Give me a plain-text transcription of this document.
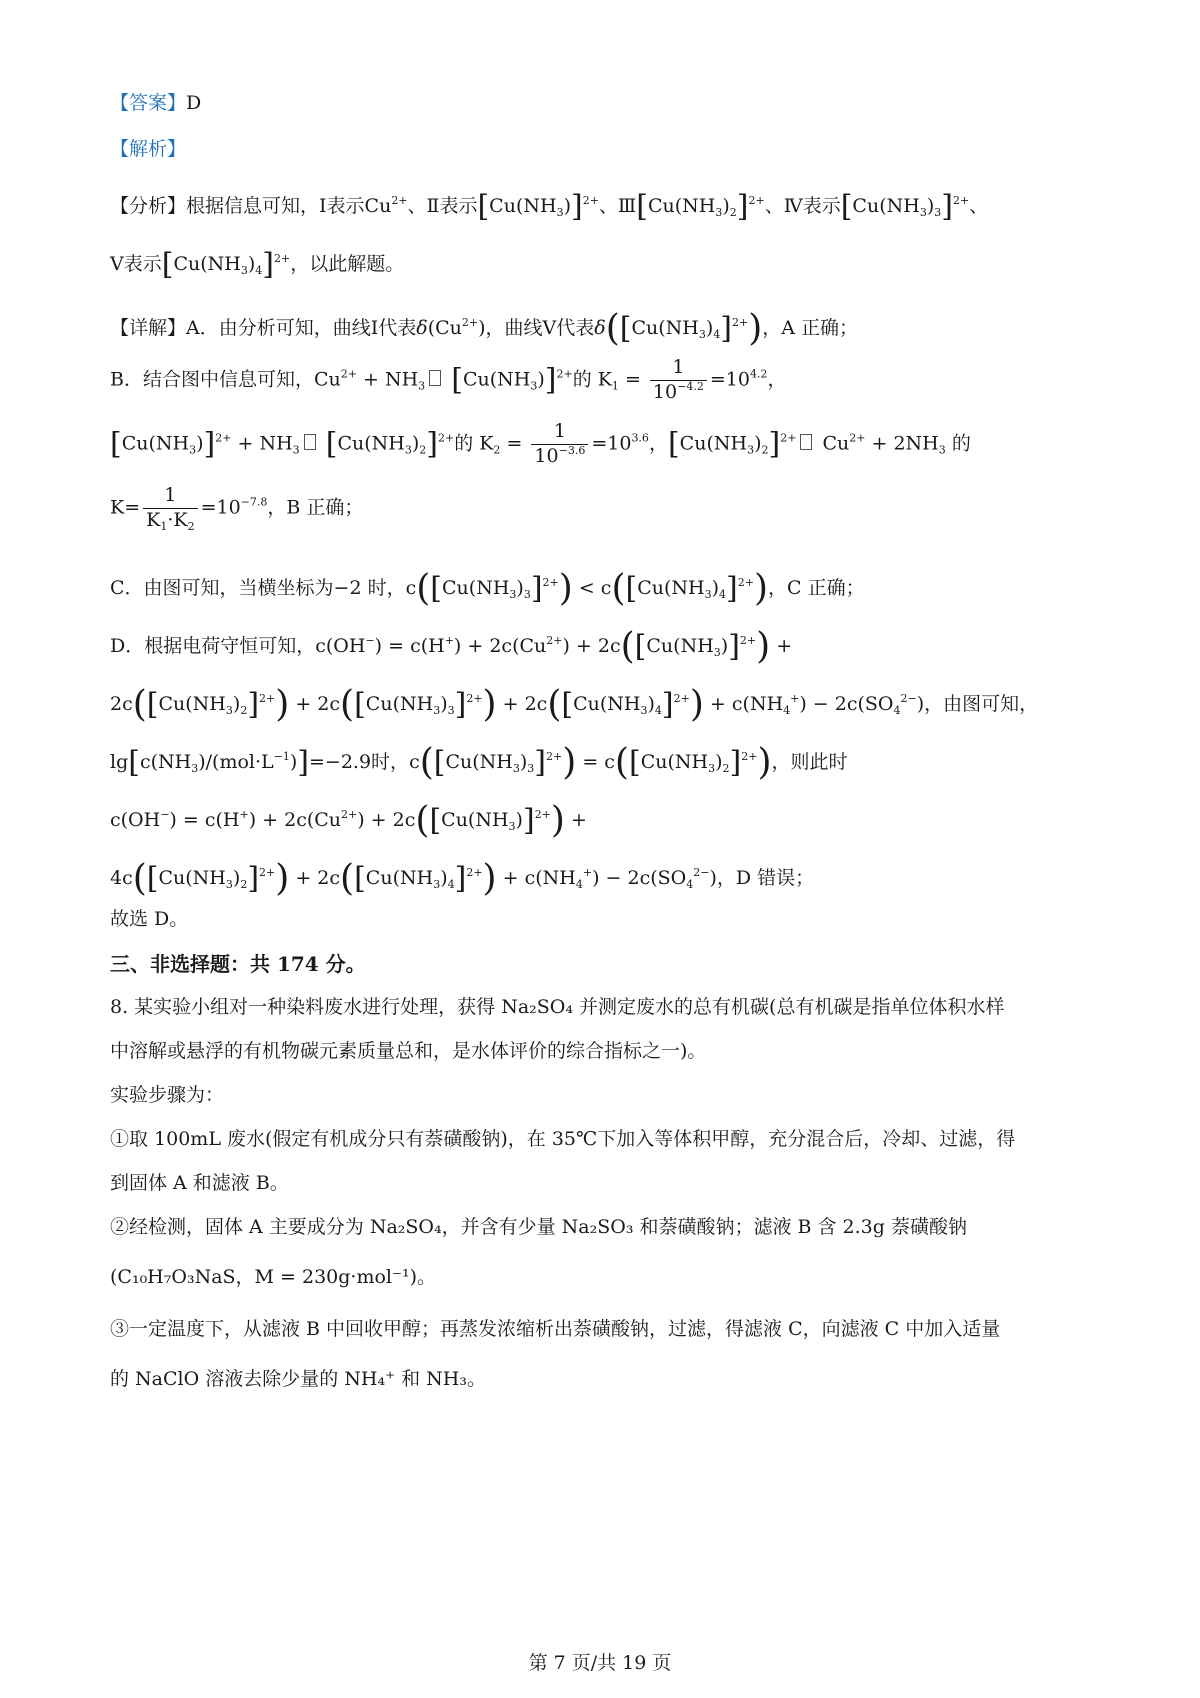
【答案】D
【解析】
【分析】根据信息可知，Ⅰ表示$Cu^{2+}$、Ⅱ表示$[Cu(NH_3)]^{2+}$、$Ⅲ[Cu(NH_3)_2]^{2+}$、Ⅳ表示$[Cu(NH_3)_3]^{2+}$、
Ⅴ表示$[Cu(NH_3)_4]^{2+}$，以此解题。
【详解】A．由分析可知，曲线Ⅰ代表$\delta(Cu^{2+})$，曲线Ⅴ代表$\delta([Cu(NH_3)_4]^{2+})$，A 正确；
B．结合图中信息可知，$Cu^{2+} + NH_3$ $[Cu(NH_3)]^{2+}$的 $K_1 = \frac{1}{10^{-4.2}} =10^{4.2}$，
$[Cu(NH_3)]^{2+} + NH_3$ $[Cu(NH_3)_2]^{2+}$的 $K_2 = \frac{1}{10^{-3.6}} =10^{3.6}$，$[Cu(NH_3)_2]^{2+}$ $Cu^{2+} + 2NH_3$ 的
$K= \frac{1}{K_1\cdot K_2} =10^{-7.8}$，B 正确；
C．由图可知，当横坐标为−2 时，$c([Cu(NH_3)_3]^{2+}) < c([Cu(NH_3)_4]^{2+})$，C 正确；
D．根据电荷守恒可知，$c(OH^-) = c(H^+) + 2c(Cu^{2+}) + 2c([Cu(NH_3)]^{2+})$ +
$2c([Cu(NH_3)_2]^{2+}) + 2c([Cu(NH_3)_3]^{2+}) + 2c([Cu(NH_3)_4]^{2+}) + c(NH_4^+) - 2c(SO_4^{2-})$，由图可知，
$\lg[c(NH_3)/(mol\cdot L^{-1})]=-2.9$时，$c([Cu(NH_3)_3]^{2+}) = c([Cu(NH_3)_2]^{2+})$，则此时
$c(OH^-) = c(H^+) + 2c(Cu^{2+}) + 2c([Cu(NH_3)]^{2+})$ +
$4c([Cu(NH_3)_2]^{2+}) + 2c([Cu(NH_3)_4]^{2+}) + c(NH_4^+) - 2c(SO_4^{2-})$，D 错误；
故选 D。
三、非选择题：共 174 分。
8. 某实验小组对一种染料废水进行处理，获得 Na₂SO₄ 并测定废水的总有机碳(总有机碳是指单位体积水样
中溶解或悬浮的有机物碳元素质量总和，是水体评价的综合指标之一)。
实验步骤为：
①取 100mL 废水(假定有机成分只有萘磺酸钠)，在 35℃下加入等体积甲醇，充分混合后，冷却、过滤，得
到固体 A 和滤液 B。
②经检测，固体 A 主要成分为 Na₂SO₄，并含有少量 Na₂SO₃ 和萘磺酸钠；滤液 B 含 2.3g 萘磺酸钠
(C₁₀H₇O₃NaS，M = 230g·mol⁻¹)。
③一定温度下，从滤液 B 中回收甲醇；再蒸发浓缩析出萘磺酸钠，过滤，得滤液 C，向滤液 C 中加入适量
的 NaClO 溶液去除少量的 NH₄⁺ 和 NH₃。
第 7 页/共 19 页
